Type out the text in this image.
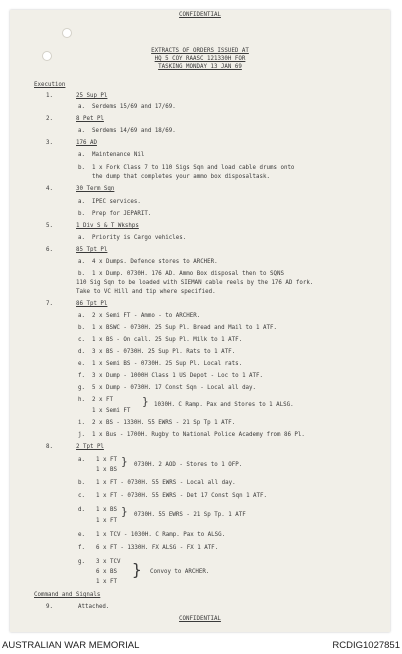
CONFIDENTIAL
EXTRACTS OF ORDERS ISSUED AT
HQ 5 COY RAASC 121330H FOR
TASKING MONDAY 13 JAN 69
Execution
1.	25 Sup Pl
a. Serdems 15/69 and 17/69.
2.	8 Pet Pl
a. Serdems 14/69 and 18/69.
3.	176 AD
a. Maintenance Nil
b. 1 x Fork Class 7 to 110 Sigs Sqn and load cable drums onto
the dump that completes your ammo box disposaltask.
4.	30 Term Sqn
a. IPEC services.
b. Prep for JEPARIT.
5.	1 Div S & T Wkshps
a. Priority is Cargo vehicles.
6.	85 Tpt Pl
a. 4 x Dumps. Defence stores to ARCHER.
b. 1 x Dump. 0730H. 176 AD. Ammo Box disposal then to SQNS
110 Sig Sqn to be loaded with SIEMAN cable reels by the 176 AD fork.
Take to VC Hill and tip where specified.
7.	86 Tpt Pl
a. 2 x Semi FT - Ammo - to ARCHER.
b. 1 x BSWC - 0730H. 25 Sup Pl. Bread and Mail to 1 ATF.
c. 1 x BS - On call. 25 Sup Pl. Milk to 1 ATF.
d. 3 x BS - 0730H. 25 Sup Pl. Rats to 1 ATF.
e. 1 x Semi BS - 0730H. 25 Sup Pl. Local rats.
f. 3 x Dump - 1000H Class 1 US Depot - Loc to 1 ATF.
g. 5 x Dump - 0730H. 17 Const Sqn - Local all day.
h. 2 x FT
1 x Semi FT
} 1030H. C Ramp. Pax and Stores to 1 ALSG.
i. 2 x BS - 1330H. 55 EWRS - 21 Sp Tp 1 ATF.
j. 1 x Bus - 1700H. Rugby to National Police Academy from 86 Pl.
8.	2 Tpt Pl
a. 1 x FT
1 x BS
} 0730H. 2 AOD - Stores to 1 OFP.
b. 1 x FT - 0730H. 55 EWRS - Local all day.
c. 1 x FT - 0730H. 55 EWRS - Det 17 Const Sqn 1 ATF.
d. 1 x BS
1 x FT
} 0730H. 55 EWRS - 21 Sp Tp. 1 ATF
e. 1 x TCV - 1030H. C Ramp. Pax to ALSG.
f. 6 x FT - 1330H. FX ALSG - FX 1 ATF.
g. 3 x TCV
6 x BS
1 x FT
} Convoy to ARCHER.
Command and Signals
9.	Attached.
CONFIDENTIAL
AUSTRALIAN WAR MEMORIAL	RCDIG1027851
